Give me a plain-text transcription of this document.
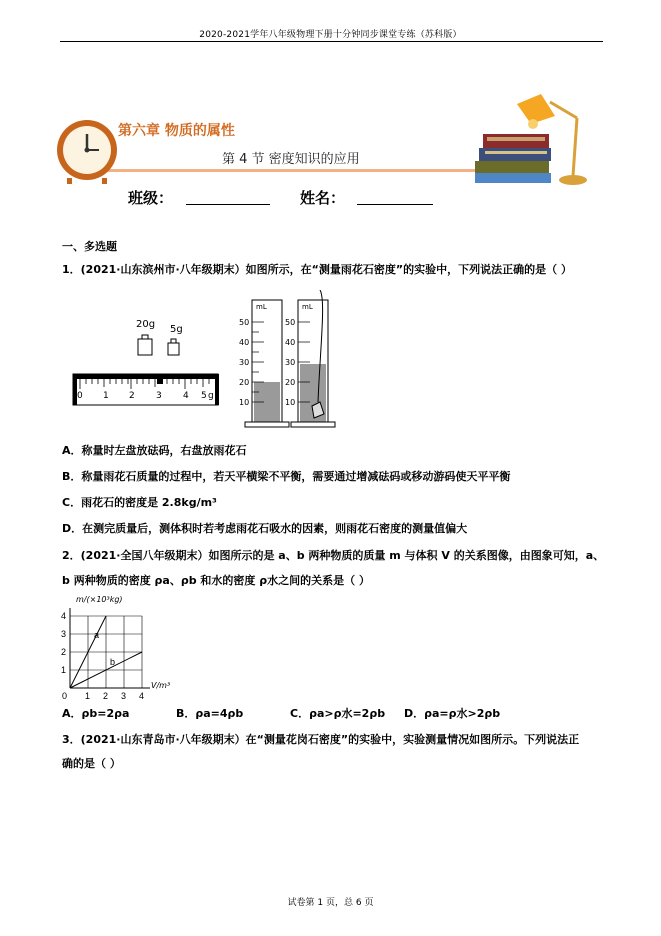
2020-2021学年八年级物理下册十分钟同步课堂专练（苏科版）
第六章 物质的属性
第 4 节 密度知识的应用
班级：	姓名：
一、多选题
1．(2021·山东滨州市·八年级期末）如图所示，在“测量雨花石密度”的实验中，下列说法正确的是（ ）
20g 5g
0 1 2 3 4 5 g
mL	mL
50
40
30
20
10
50
40
30
20
10
A．称量时左盘放砝码，右盘放雨花石
B．称量雨花石质量的过程中，若天平横梁不平衡，需要通过增减砝码或移动游码使天平平衡
C．雨花石的密度是 2.8kg/m³
D．在测完质量后，测体积时若考虑雨花石吸水的因素，则雨花石密度的测量值偏大
2．(2021·全国八年级期末）如图所示的是 a、b 两种物质的质量 m 与体积 V 的关系图像，由图象可知，a、
b 两种物质的密度 ρa、ρb 和水的密度 ρ水之间的关系是（ ）
m/(×10³kg)
V/m³
0 1 2 3 4
1
2
3
4
a
b
A．ρb=2ρa	B．ρa=4ρb	C．ρa>ρ水=2ρb D．ρa=ρ水>2ρb
3．(2021·山东青岛市·八年级期末）在“测量花岗石密度”的实验中，实验测量情况如图所示。下列说法正
确的是（ ）
试卷第 1 页，总 6 页
